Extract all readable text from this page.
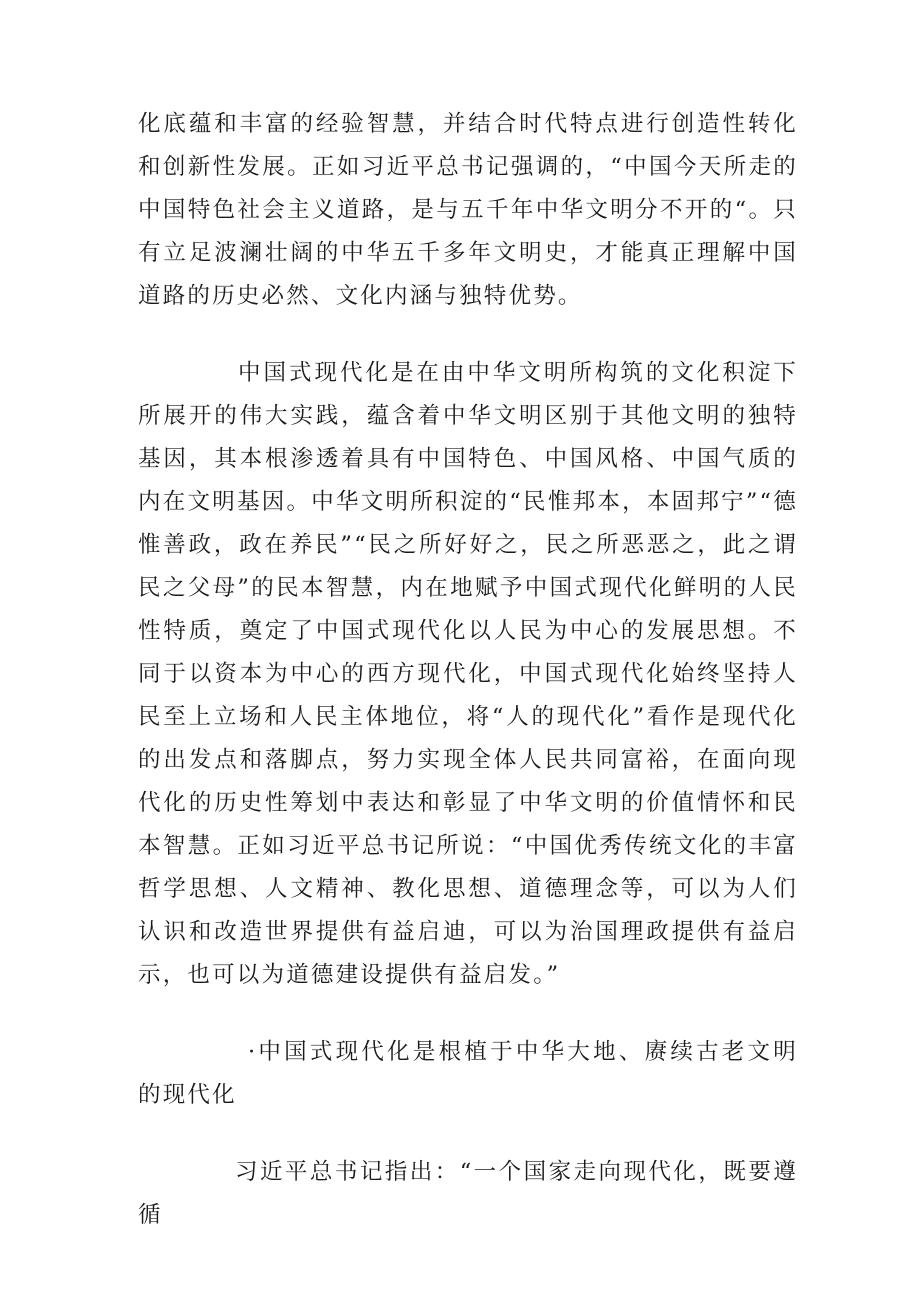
化底蕴和丰富的经验智慧，并结合时代特点进行创造性转化和创新性发展。正如习近平总书记强调的，“中国今天所走的中国特色社会主义道路，是与五千年中华文明分不开的“。只有立足波澜壮阔的中华五千多年文明史，才能真正理解中国道路的历史必然、文化内涵与独特优势。

中国式现代化是在由中华文明所构筑的文化积淀下所展开的伟大实践，蕴含着中华文明区别于其他文明的独特基因，其本根渗透着具有中国特色、中国风格、中国气质的内在文明基因。中华文明所积淀的“民惟邦本，本固邦宁”“德惟善政，政在养民”“民之所好好之，民之所恶恶之，此之谓民之父母”的民本智慧，内在地赋予中国式现代化鲜明的人民性特质，奠定了中国式现代化以人民为中心的发展思想。不同于以资本为中心的西方现代化，中国式现代化始终坚持人民至上立场和人民主体地位，将“人的现代化”看作是现代化的出发点和落脚点，努力实现全体人民共同富裕，在面向现代化的历史性筹划中表达和彰显了中华文明的价值情怀和民本智慧。正如习近平总书记所说：“中国优秀传统文化的丰富哲学思想、人文精神、教化思想、道德理念等，可以为人们认识和改造世界提供有益启迪，可以为治国理政提供有益启示，也可以为道德建设提供有益启发。”

·中国式现代化是根植于中华大地、赓续古老文明的现代化

习近平总书记指出：“一个国家走向现代化，既要遵循
